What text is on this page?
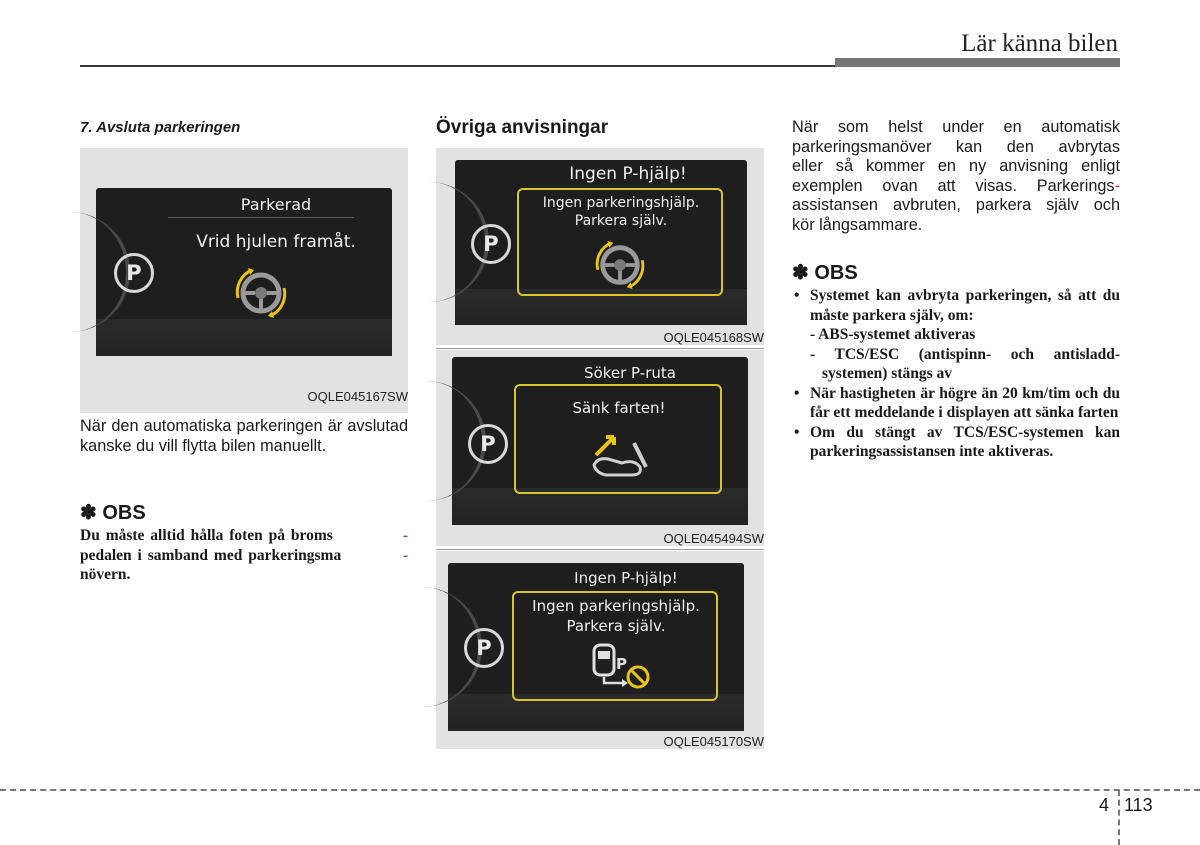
Lär känna bilen
7. Avsluta parkeringen
P
Parkerad
Vrid hjulen framåt.
OQLE045167SW
När den automatiska parkeringen är avslutad kanske du vill flytta bilen manuellt.
✽ OBS
Du måste alltid hålla foten på broms	-
pedalen i samband med parkeringsma	-
növern.
Övriga anvisningar
P
Ingen P-hjälp!
Ingen parkeringshjälp.
Parkera själv.
OQLE045168SW
P
Söker P-ruta
Sänk farten!
OQLE045494SW
P
Ingen P-hjälp!
Ingen parkeringshjälp.
Parkera själv.
P
OQLE045170SW
När som helst under en automatisk
parkeringsmanöver kan den avbrytas
eller så kommer en ny anvisning enligt
exemplen ovan att visas. Parkerings -
assistansen avbruten, parkera själv och
kör långsammare.
✽ OBS
• Systemet kan avbryta parkeringen, så att du måste parkera själv, om:
- ABS-systemet aktiveras
- TCS/ESC (antispinn- och antisladd-
systemen) stängs av
• När hastigheten är högre än 20 km/tim och du får ett meddelande i displayen att sänka farten
• Om du stängt av TCS/ESC-systemen kan parkeringsassistansen inte aktiveras.
4 113
